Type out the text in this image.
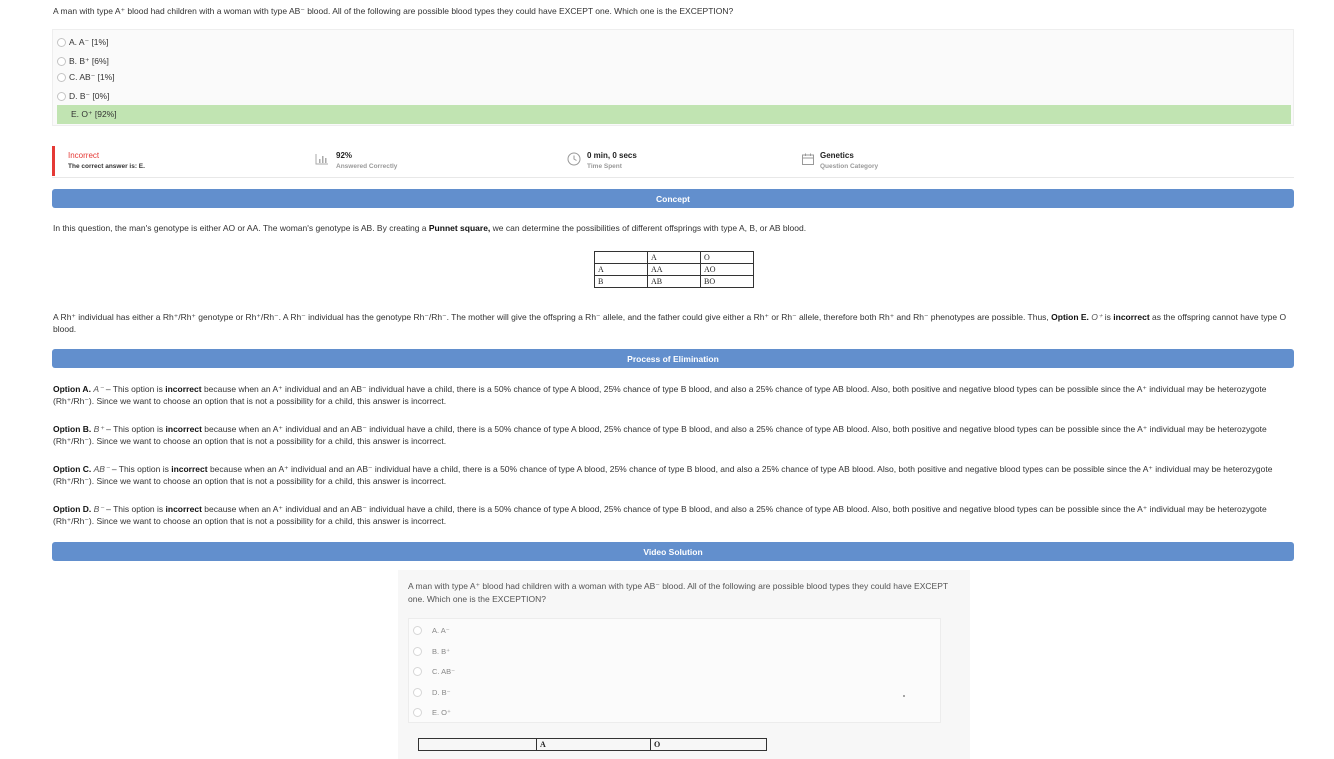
A man with type A⁺ blood had children with a woman with type AB⁻ blood. All of the following are possible blood types they could have EXCEPT one. Which one is the EXCEPTION?
A. A⁻ [1%]
B. B⁺ [6%]
C. AB⁻ [1%]
D. B⁻ [0%]
E. O⁺ [92%]
Incorrect
The correct answer is: E.
92%
Answered Correctly
0 min, 0 secs
Time Spent
Genetics
Question Category
Concept
In this question, the man's genotype is either AO or AA. The woman's genotype is AB. By creating a Punnet square, we can determine the possibilities of different offsprings with type A, B, or AB blood.
	A	O
A	AA	AO
B	AB	BO
A Rh⁺ individual has either a Rh⁺/Rh⁺ genotype or Rh⁺/Rh⁻. A Rh⁻ individual has the genotype Rh⁻/Rh⁻. The mother will give the offspring a Rh⁻ allele, and the father could give either a Rh⁺ or Rh⁻ allele, therefore both Rh⁺ and Rh⁻ phenotypes are possible. Thus, Option E. O⁺ is incorrect as the offspring cannot have type O blood.
Process of Elimination
Option A. A⁻ – This option is incorrect because when an A⁺ individual and an AB⁻ individual have a child, there is a 50% chance of type A blood, 25% chance of type B blood, and also a 25% chance of type AB blood. Also, both positive and negative blood types can be possible since the A⁺ individual may be heterozygote (Rh⁺/Rh⁻). Since we want to choose an option that is not a possibility for a child, this answer is incorrect.
Option B. B⁺ – This option is incorrect because when an A⁺ individual and an AB⁻ individual have a child, there is a 50% chance of type A blood, 25% chance of type B blood, and also a 25% chance of type AB blood. Also, both positive and negative blood types can be possible since the A⁺ individual may be heterozygote (Rh⁺/Rh⁻). Since we want to choose an option that is not a possibility for a child, this answer is incorrect.
Option C. AB⁻ – This option is incorrect because when an A⁺ individual and an AB⁻ individual have a child, there is a 50% chance of type A blood, 25% chance of type B blood, and also a 25% chance of type AB blood. Also, both positive and negative blood types can be possible since the A⁺ individual may be heterozygote (Rh⁺/Rh⁻). Since we want to choose an option that is not a possibility for a child, this answer is incorrect.
Option D. B⁻ – This option is incorrect because when an A⁺ individual and an AB⁻ individual have a child, there is a 50% chance of type A blood, 25% chance of type B blood, and also a 25% chance of type AB blood. Also, both positive and negative blood types can be possible since the A⁺ individual may be heterozygote (Rh⁺/Rh⁻). Since we want to choose an option that is not a possibility for a child, this answer is incorrect.
Video Solution
A man with type A⁺ blood had children with a woman with type AB⁻ blood. All of the following are possible blood types they could have EXCEPT one. Which one is the EXCEPTION?
A. A⁻
B. B⁺
C. AB⁻
D. B⁻
E. O⁺
	A	O
